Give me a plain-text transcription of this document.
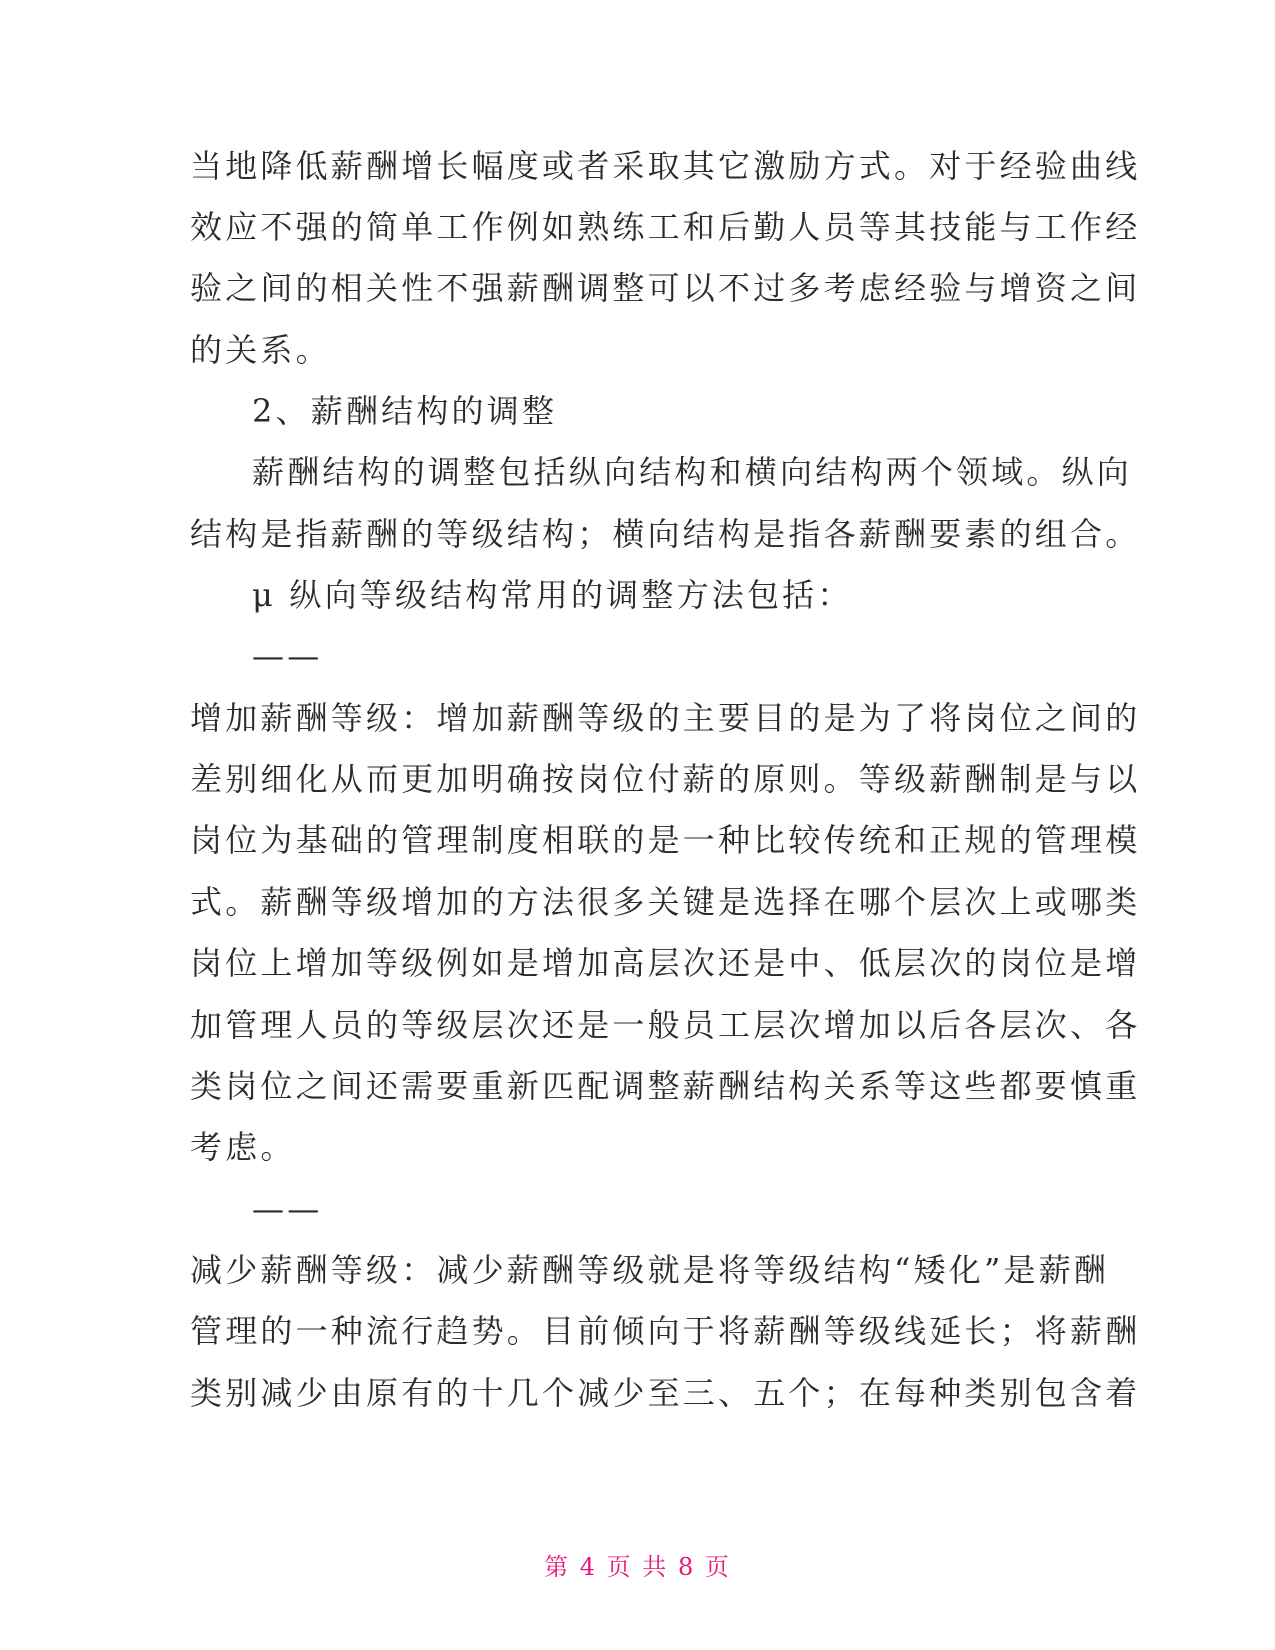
当地降低薪酬增长幅度或者采取其它激励方式。对于经验曲线
效应不强的简单工作例如熟练工和后勤人员等其技能与工作经
验之间的相关性不强薪酬调整可以不过多考虑经验与增资之间
的关系。
2、薪酬结构的调整
薪酬结构的调整包括纵向结构和横向结构两个领域。纵向
结构是指薪酬的等级结构；横向结构是指各薪酬要素的组合。
μ 纵向等级结构常用的调整方法包括：
——
增加薪酬等级：增加薪酬等级的主要目的是为了将岗位之间的
差别细化从而更加明确按岗位付薪的原则。等级薪酬制是与以
岗位为基础的管理制度相联的是一种比较传统和正规的管理模
式。薪酬等级增加的方法很多关键是选择在哪个层次上或哪类
岗位上增加等级例如是增加高层次还是中、低层次的岗位是增
加管理人员的等级层次还是一般员工层次增加以后各层次、各
类岗位之间还需要重新匹配调整薪酬结构关系等这些都要慎重
考虑。
——
减少薪酬等级：减少薪酬等级就是将等级结构“矮化”是薪酬
管理的一种流行趋势。目前倾向于将薪酬等级线延长；将薪酬
类别减少由原有的十几个减少至三、五个；在每种类别包含着
第 4 页 共 8 页
